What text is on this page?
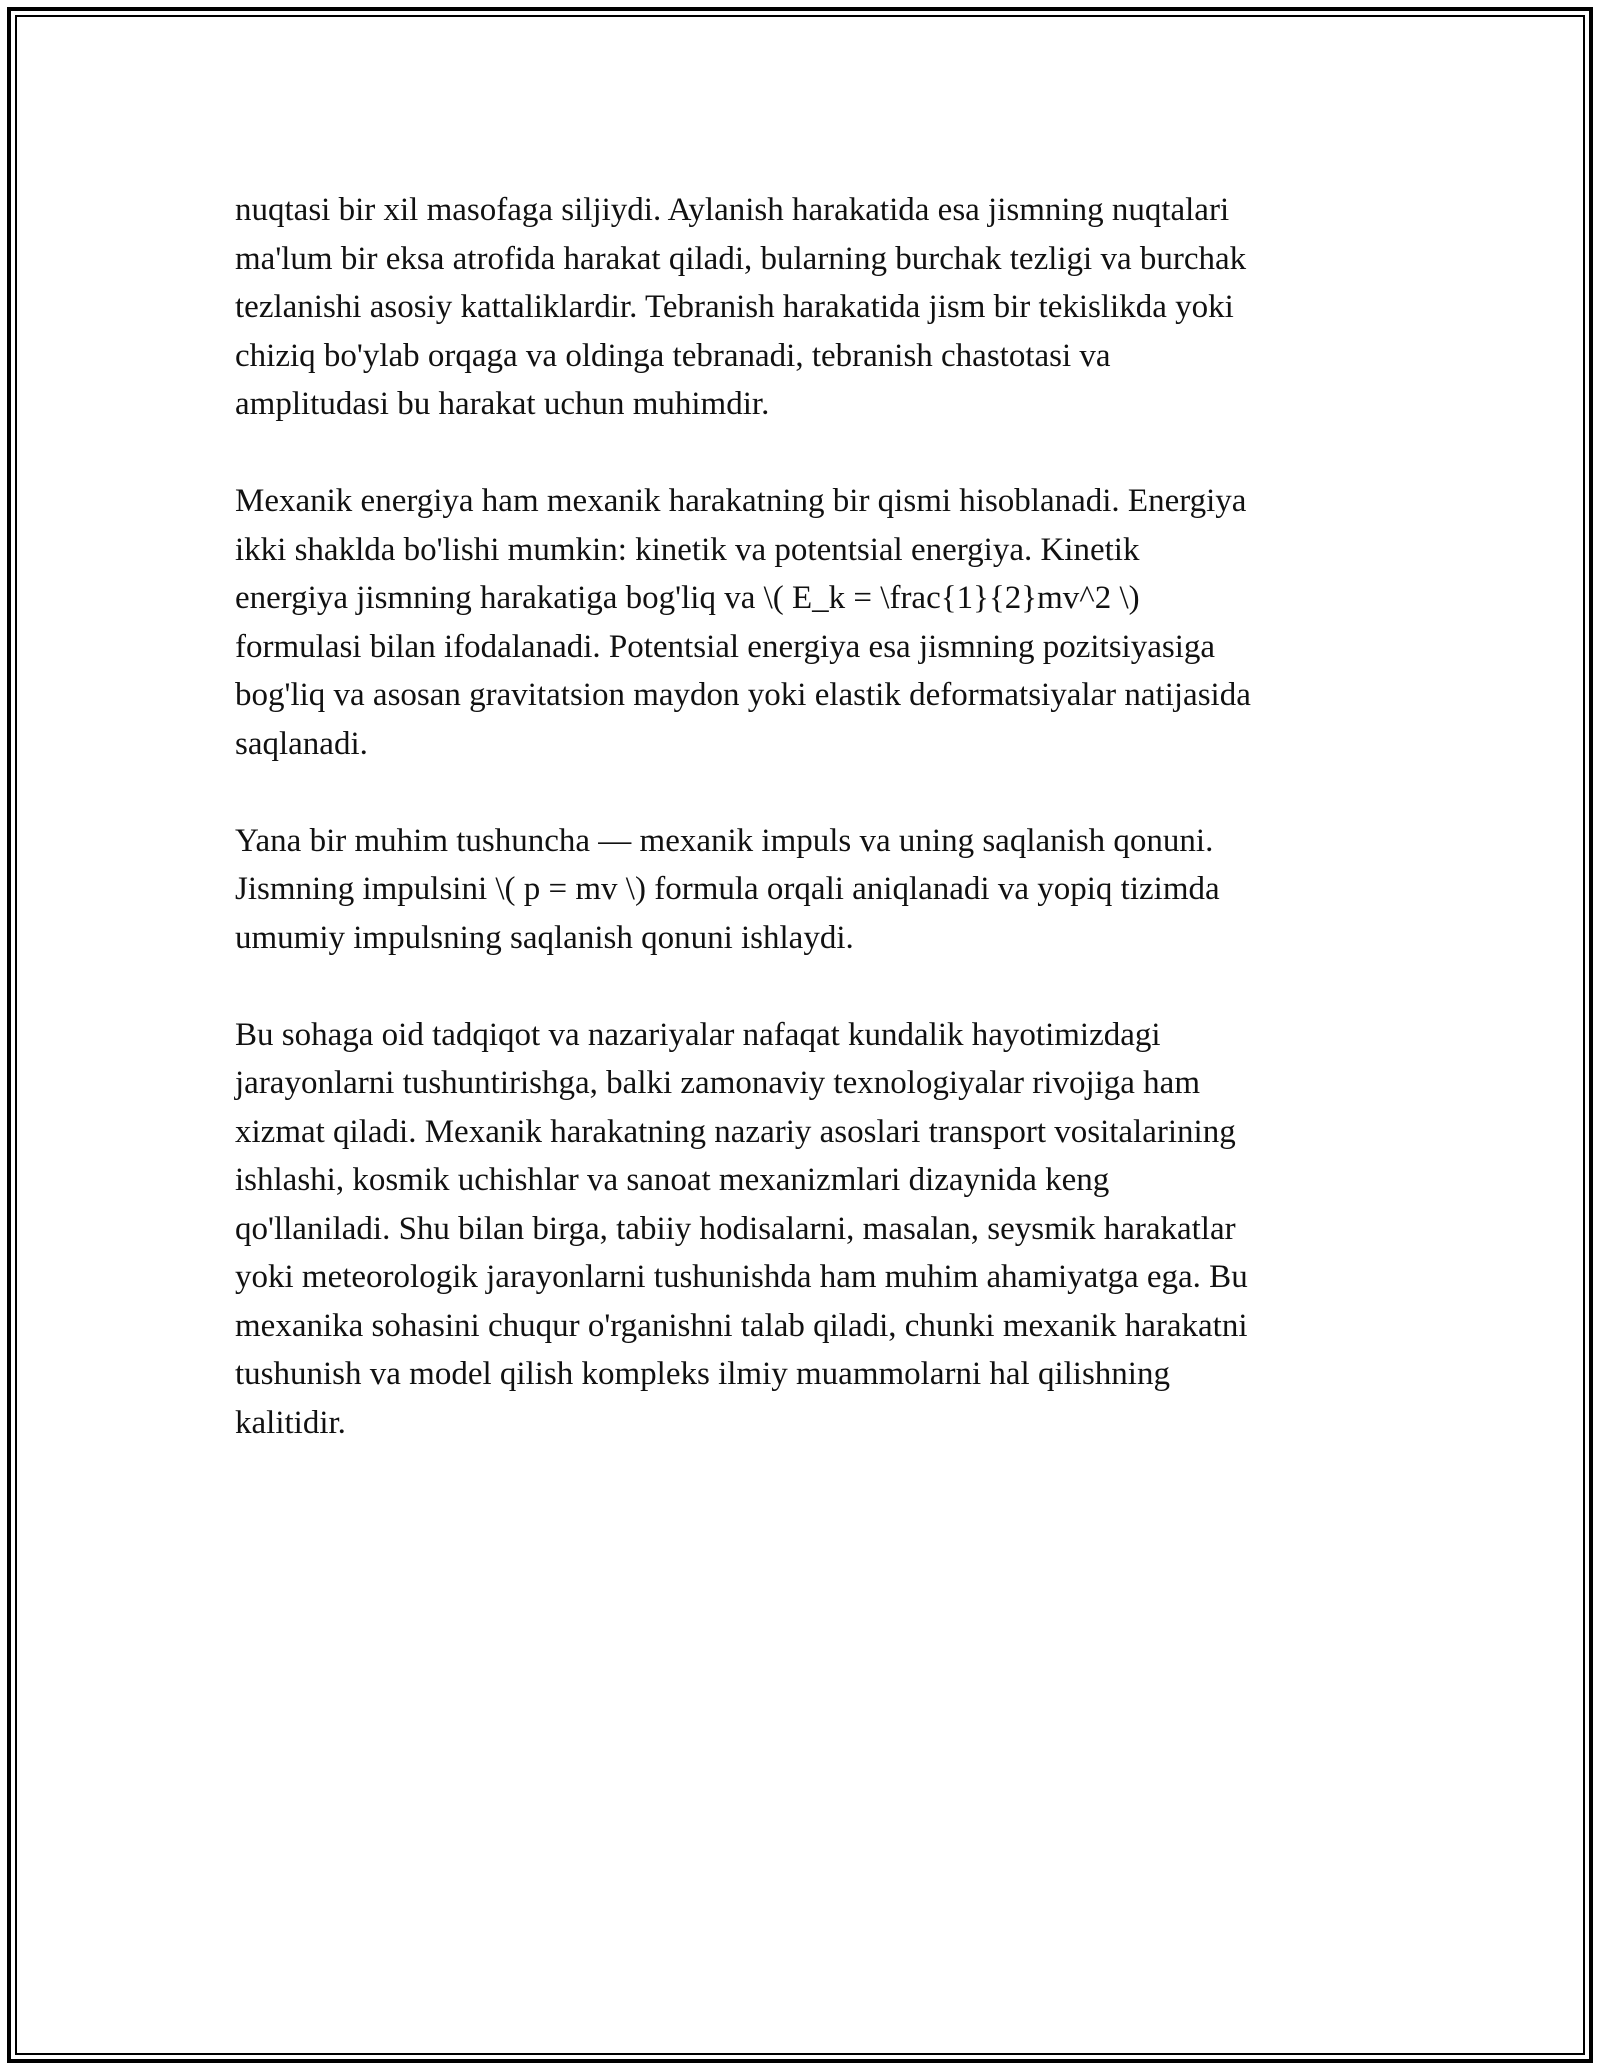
nuqtasi bir xil masofaga siljiydi. Aylanish harakatida esa jismning nuqtalari
ma'lum bir eksa atrofida harakat qiladi, bularning burchak tezligi va burchak
tezlanishi asosiy kattaliklardir. Tebranish harakatida jism bir tekislikda yoki
chiziq bo'ylab orqaga va oldinga tebranadi, tebranish chastotasi va
amplitudasi bu harakat uchun muhimdir.

Mexanik energiya ham mexanik harakatning bir qismi hisoblanadi. Energiya
ikki shaklda bo'lishi mumkin: kinetik va potentsial energiya. Kinetik
energiya jismning harakatiga bog'liq va \( E_k = \frac{1}{2}mv^2 \)
formulasi bilan ifodalanadi. Potentsial energiya esa jismning pozitsiyasiga
bog'liq va asosan gravitatsion maydon yoki elastik deformatsiyalar natijasida
saqlanadi.

Yana bir muhim tushuncha — mexanik impuls va uning saqlanish qonuni.
Jismning impulsini \( p = mv \) formula orqali aniqlanadi va yopiq tizimda
umumiy impulsning saqlanish qonuni ishlaydi.

Bu sohaga oid tadqiqot va nazariyalar nafaqat kundalik hayotimizdagi
jarayonlarni tushuntirishga, balki zamonaviy texnologiyalar rivojiga ham
xizmat qiladi. Mexanik harakatning nazariy asoslari transport vositalarining
ishlashi, kosmik uchishlar va sanoat mexanizmlari dizaynida keng
qo'llaniladi. Shu bilan birga, tabiiy hodisalarni, masalan, seysmik harakatlar
yoki meteorologik jarayonlarni tushunishda ham muhim ahamiyatga ega. Bu
mexanika sohasini chuqur o'rganishni talab qiladi, chunki mexanik harakatni
tushunish va model qilish kompleks ilmiy muammolarni hal qilishning
kalitidir.
